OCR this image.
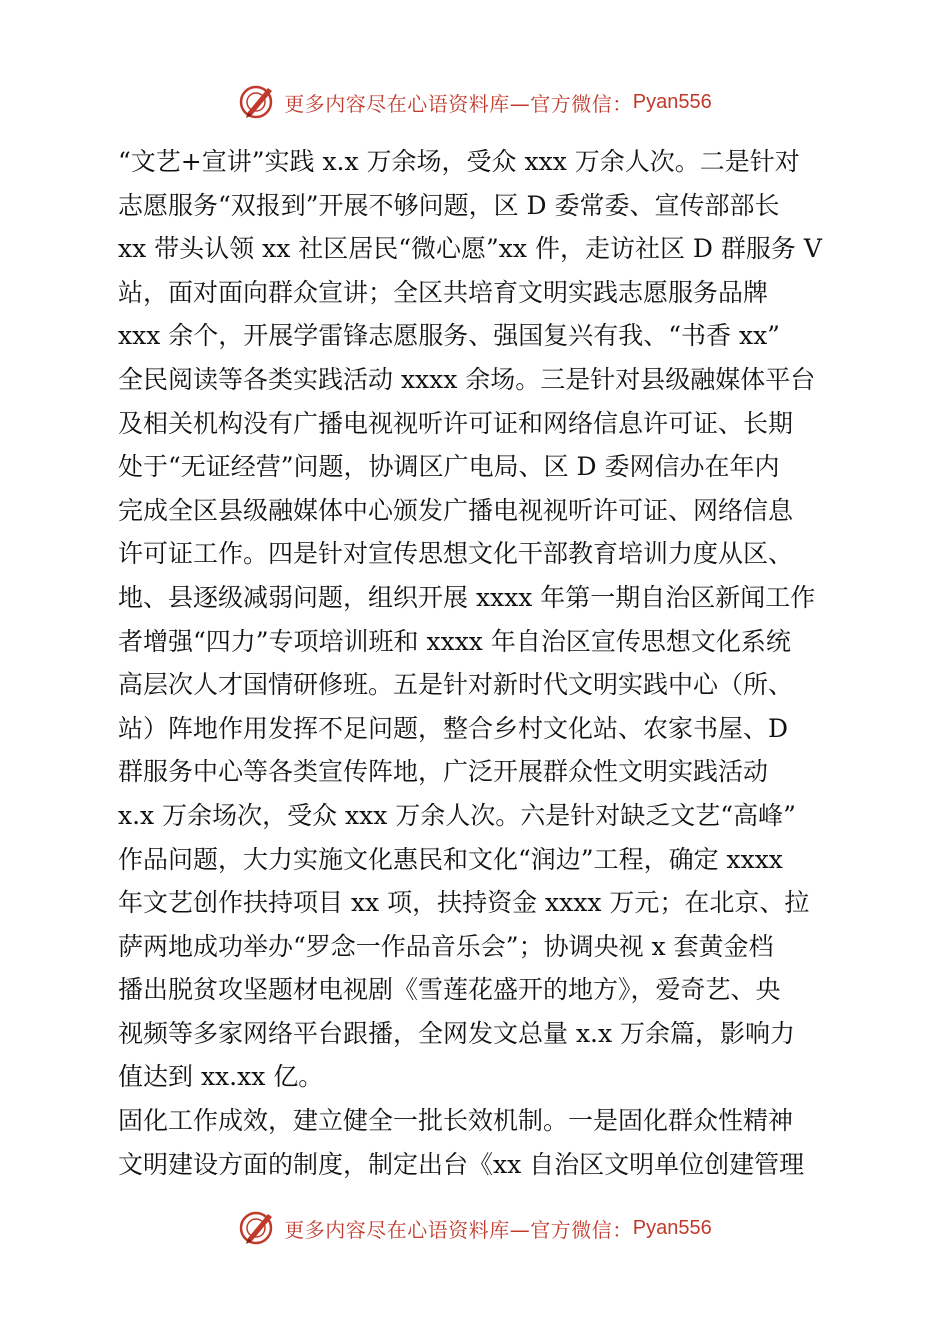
更多内容尽在心语资料库—官方微信： Pyan556
“文艺+宣讲”实践 x.x 万余场，受众 xxx 万余人次。二是针对
志愿服务“双报到”开展不够问题，区 D 委常委、宣传部部长
xx 带头认领 xx 社区居民“微心愿”xx 件，走访社区 D 群服务 V
站，面对面向群众宣讲；全区共培育文明实践志愿服务品牌
xxx 余个，开展学雷锋志愿服务、强国复兴有我、“书香 xx”
全民阅读等各类实践活动 xxxx 余场。三是针对县级融媒体平台
及相关机构没有广播电视视听许可证和网络信息许可证、长期
处于“无证经营”问题，协调区广电局、区 D 委网信办在年内
完成全区县级融媒体中心颁发广播电视视听许可证、网络信息
许可证工作。四是针对宣传思想文化干部教育培训力度从区、
地、县逐级减弱问题，组织开展 xxxx 年第一期自治区新闻工作
者增强“四力”专项培训班和 xxxx 年自治区宣传思想文化系统
高层次人才国情研修班。五是针对新时代文明实践中心（所、
站）阵地作用发挥不足问题，整合乡村文化站、农家书屋、D
群服务中心等各类宣传阵地，广泛开展群众性文明实践活动
x.x 万余场次，受众 xxx 万余人次。六是针对缺乏文艺“高峰”
作品问题，大力实施文化惠民和文化“润边”工程，确定 xxxx
年文艺创作扶持项目 xx 项，扶持资金 xxxx 万元；在北京、拉
萨两地成功举办“罗念一作品音乐会”；协调央视 x 套黄金档
播出脱贫攻坚题材电视剧《雪莲花盛开的地方》，爱奇艺、央
视频等多家网络平台跟播，全网发文总量 x.x 万余篇，影响力
值达到 xx.xx 亿。
固化工作成效，建立健全一批长效机制。一是固化群众性精神
文明建设方面的制度，制定出台《xx 自治区文明单位创建管理
更多内容尽在心语资料库—官方微信： Pyan556
